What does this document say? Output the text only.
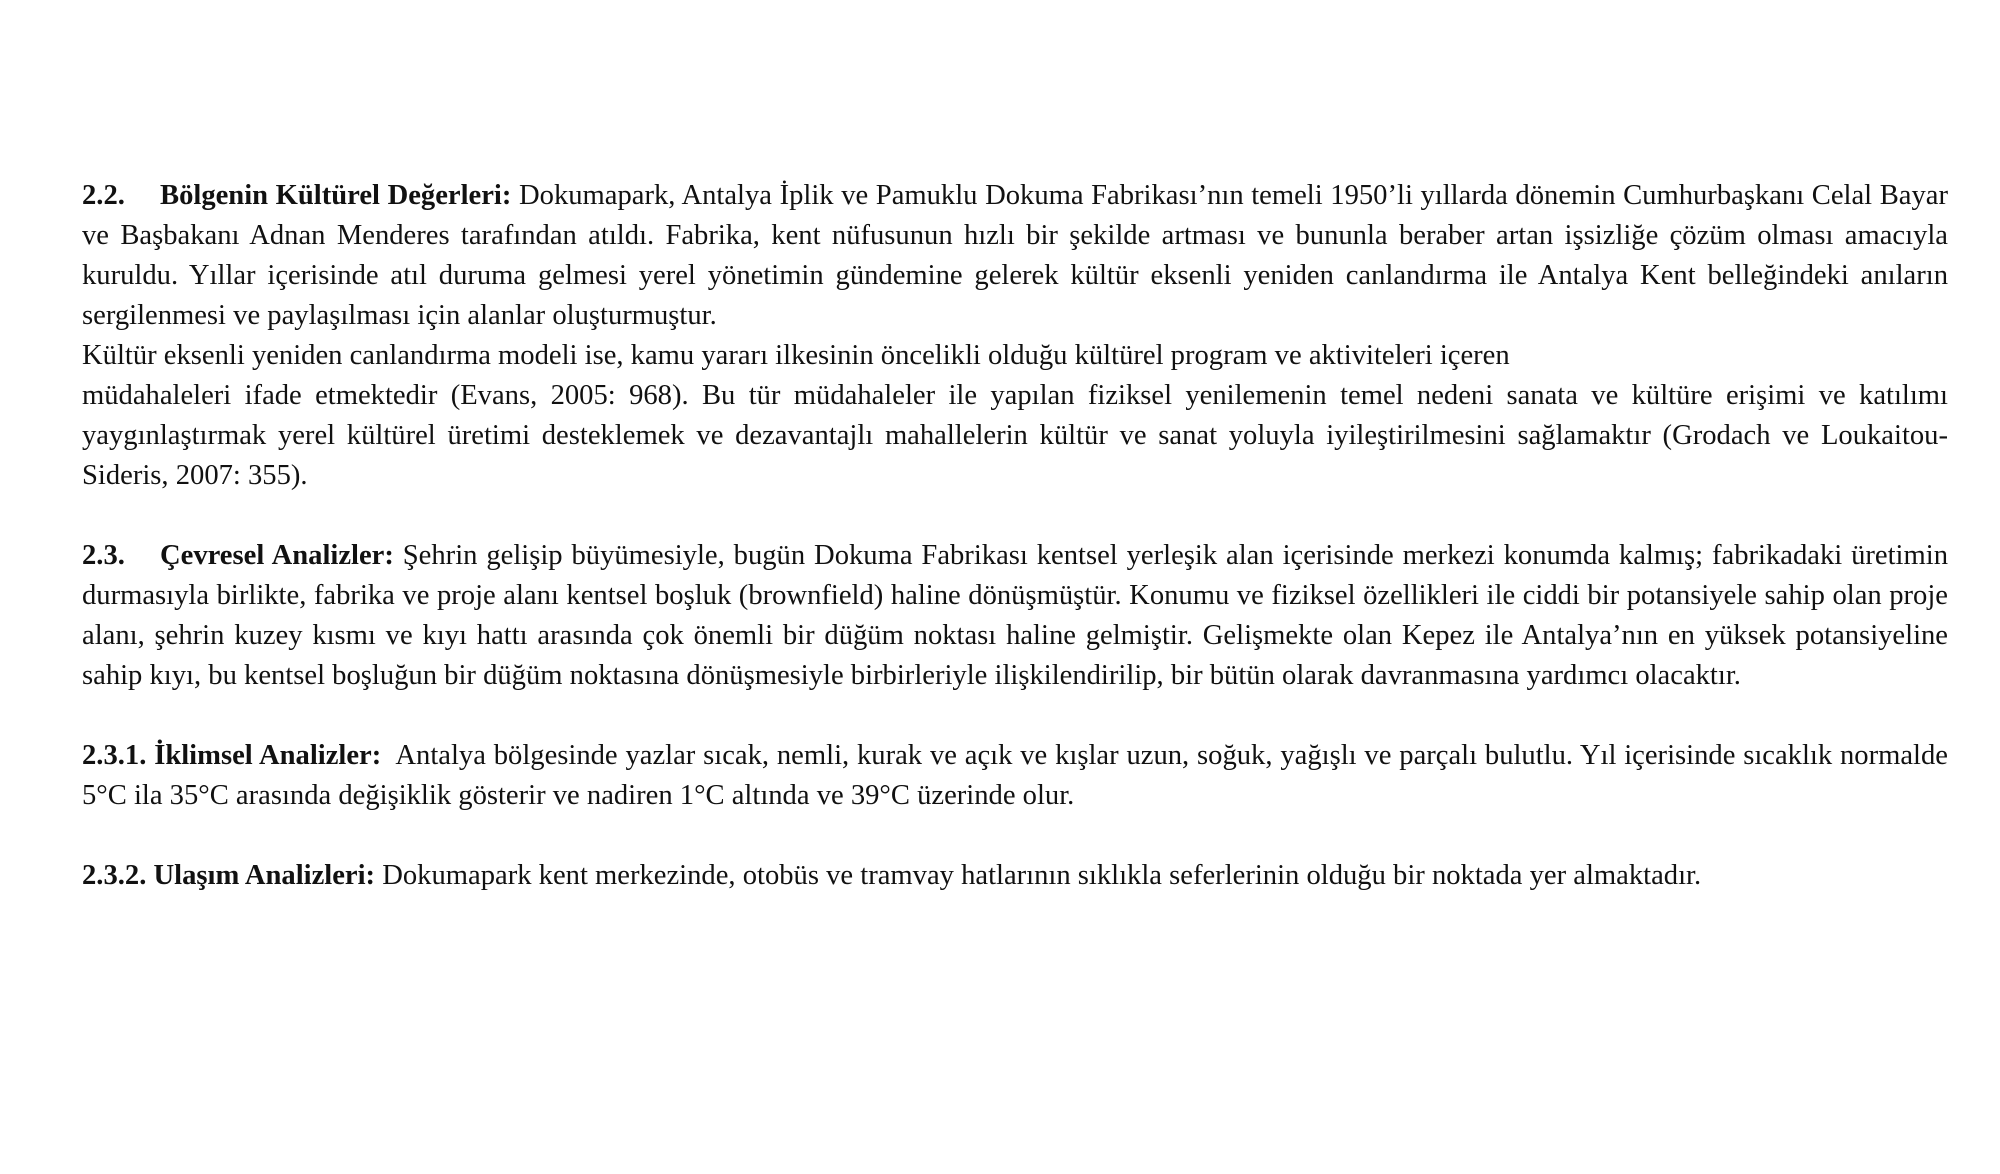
2.2. Bölgenin Kültürel Değerleri: Dokumapark, Antalya İplik ve Pamuklu Dokuma Fabrikası’nın temeli 1950’li yıllarda dönemin Cumhurbaşkanı Celal Bayar ve Başbakanı Adnan Menderes tarafından atıldı. Fabrika, kent nüfusunun hızlı bir şekilde artması ve bununla beraber artan işsizliğe çözüm olması amacıyla kuruldu. Yıllar içerisinde atıl duruma gelmesi yerel yönetimin gündemine gelerek kültür eksenli yeniden canlandırma ile Antalya Kent belleğindeki anıların sergilenmesi ve paylaşılması için alanlar oluşturmuştur.

Kültür eksenli yeniden canlandırma modeli ise, kamu yararı ilkesinin öncelikli olduğu kültürel program ve aktiviteleri içeren

müdahaleleri ifade etmektedir (Evans, 2005: 968). Bu tür müdahaleler ile yapılan fiziksel yenilemenin temel nedeni sanata ve kültüre erişimi ve katılımı yaygınlaştırmak yerel kültürel üretimi desteklemek ve dezavantajlı mahallelerin kültür ve sanat yoluyla iyileştirilmesini sağlamaktır (Grodach ve Loukaitou-Sideris, 2007: 355).

2.3. Çevresel Analizler: Şehrin gelişip büyümesiyle, bugün Dokuma Fabrikası kentsel yerleşik alan içerisinde merkezi konumda kalmış; fabrikadaki üretimin durmasıyla birlikte, fabrika ve proje alanı kentsel boşluk (brownfield) haline dönüşmüştür. Konumu ve fiziksel özellikleri ile ciddi bir potansiyele sahip olan proje alanı, şehrin kuzey kısmı ve kıyı hattı arasında çok önemli bir düğüm noktası haline gelmiştir. Gelişmekte olan Kepez ile Antalya’nın en yüksek potansiyeline sahip kıyı, bu kentsel boşluğun bir düğüm noktasına dönüşmesiyle birbirleriyle ilişkilendirilip, bir bütün olarak davranmasına yardımcı olacaktır.

2.3.1. İklimsel Analizler: Antalya bölgesinde yazlar sıcak, nemli, kurak ve açık ve kışlar uzun, soğuk, yağışlı ve parçalı bulutlu. Yıl içerisinde sıcaklık normalde 5°C ila 35°C arasında değişiklik gösterir ve nadiren 1°C altında ve 39°C üzerinde olur.

2.3.2. Ulaşım Analizleri: Dokumapark kent merkezinde, otobüs ve tramvay hatlarının sıklıkla seferlerinin olduğu bir noktada yer almaktadır.
